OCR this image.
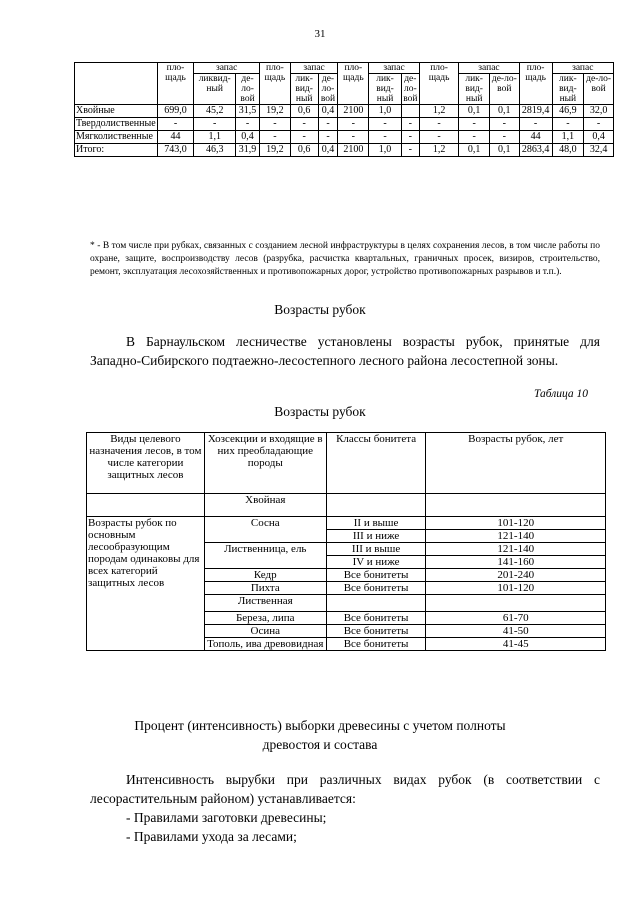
31
	пло-щадь	запас		пло-щадь	запас		пло-щадь	запас		пло-щадь	запас		пло-щадь	запас	
		ликвид-ный	де-ло-вой		лик-вид-ный	де-ло-вой		лик-вид-ный	де-ло-вой		лик-вид-ный	де-ло-вой		лик-вид-ный	де-ло-вой
Хвойные	699,0	45,2	31,5	19,2	0,6	0,4	2100	1,0		1,2	0,1	0,1	2819,4	46,9	32,0
Твердолиственные	-	-	-	-	-	-	-	-	-	-	-	-	-	-	-
Мягколиственные	44	1,1	0,4	-	-	-	-	-	-	-	-	-	44	1,1	0,4
Итого:	743,0	46,3	31,9	19,2	0,6	0,4	2100	1,0	-	1,2	0,1	0,1	2863,4	48,0	32,4
* - В том числе при рубках, связанных с созданием лесной инфраструктуры в целях сохранения лесов, в том числе работы по охране, защите, воспроизводству лесов (разрубка, расчистка квартальных, граничных просек, визиров, строительство, ремонт, эксплуатация лесохозяйственных и противопожарных дорог, устройство противопожарных разрывов и т.п.).
Возрасты рубок
В Барнаульском лесничестве установлены возрасты рубок, принятые для Западно-Сибирского подтаежно-лесостепного лесного района лесостепной зоны.
Таблица 10
Возрасты рубок
Виды целевого назначения лесов, в том числе категории защитных лесов	Хозсекции и входящие в них преобладающие породы	Классы бонитета	Возрасты рубок, лет
	Хвойная		
Возрасты рубок по основным лесообразующим породам одинаковы для всех категорий защитных лесов	Сосна	II и выше	101-120
		III и ниже	121-140
	Лиственница, ель	III и выше	121-140
		IV и ниже	141-160
	Кедр	Все бонитеты	201-240
	Пихта	Все бонитеты	101-120
	Лиственная		
	Береза, липа	Все бонитеты	61-70
	Осина	Все бонитеты	41-50
	Тополь, ива древовидная	Все бонитеты	41-45
Процент (интенсивность) выборки древесины с учетом полноты
древостоя и состава
Интенсивность вырубки при различных видах рубок (в соответствии с лесорастительным районом) устанавливается:
- Правилами заготовки древесины;
- Правилами ухода за лесами;
